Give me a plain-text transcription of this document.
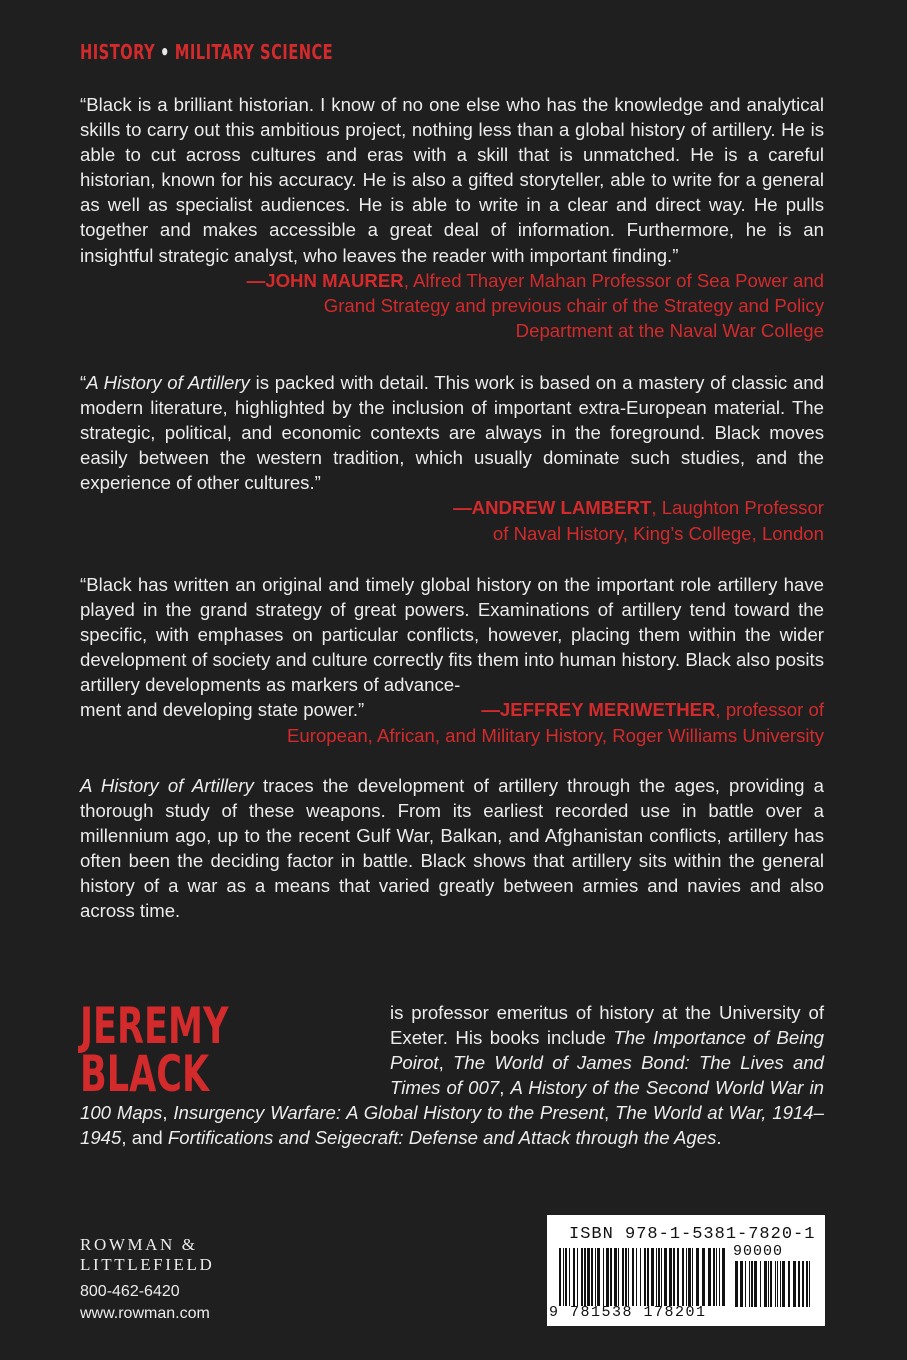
HISTORY • MILITARY SCIENCE
“Black is a brilliant historian. I know of no one else who has the knowledge and analytical skills to carry out this ambitious project, nothing less than a global history of artillery. He is able to cut across cultures and eras with a skill that is unmatched. He is a careful historian, known for his accuracy. He is also a gifted storyteller, able to write for a general as well as specialist audiences. He is able to write in a clear and direct way. He pulls together and makes accessible a great deal of information. Furthermore, he is an insightful strategic analyst, who leaves the reader with important finding.”
—JOHN MAURER, Alfred Thayer Mahan Professor of Sea Power and Grand Strategy and previous chair of the Strategy and Policy Department at the Naval War College
“A History of Artillery is packed with detail. This work is based on a mastery of classic and modern literature, highlighted by the inclusion of important extra-European material. The strategic, political, and economic contexts are always in the foreground. Black moves easily between the western tradition, which usually dominate such studies, and the experience of other cultures.”
—ANDREW LAMBERT, Laughton Professor of Naval History, King’s College, London
“Black has written an original and timely global history on the important role artillery have played in the grand strategy of great powers. Examinations of artillery tend toward the specific, with emphases on particular conflicts, however, placing them within the wider development of society and culture correctly fits them into human history. Black also posits artillery developments as markers of advance-
ment and developing state power.”	—JEFFREY MERIWETHER, professor of
European, African, and Military History, Roger Williams University
A History of Artillery traces the development of artillery through the ages, providing a thorough study of these weapons. From its earliest recorded use in battle over a millennium ago, up to the recent Gulf War, Balkan, and Afghanistan conflicts, artillery has often been the deciding factor in battle. Black shows that artillery sits within the general history of a war as a means that varied greatly between armies and navies and also across time.
JEREMY BLACK
is professor emeritus of history at the University of Exeter. His books include The Importance of Being Poirot, The World of James Bond: The Lives and Times of 007, A History of the Second World War in 100 Maps, Insurgency Warfare: A Global History to the Present, The World at War, 1914–1945, and Fortifications and Seigecraft: Defense and Attack through the Ages.
ROWMAN &
LITTLEFIELD
800-462-6420
www.rowman.com
ISBN 978-1-5381-7820-1
90000
9 781538 178201
